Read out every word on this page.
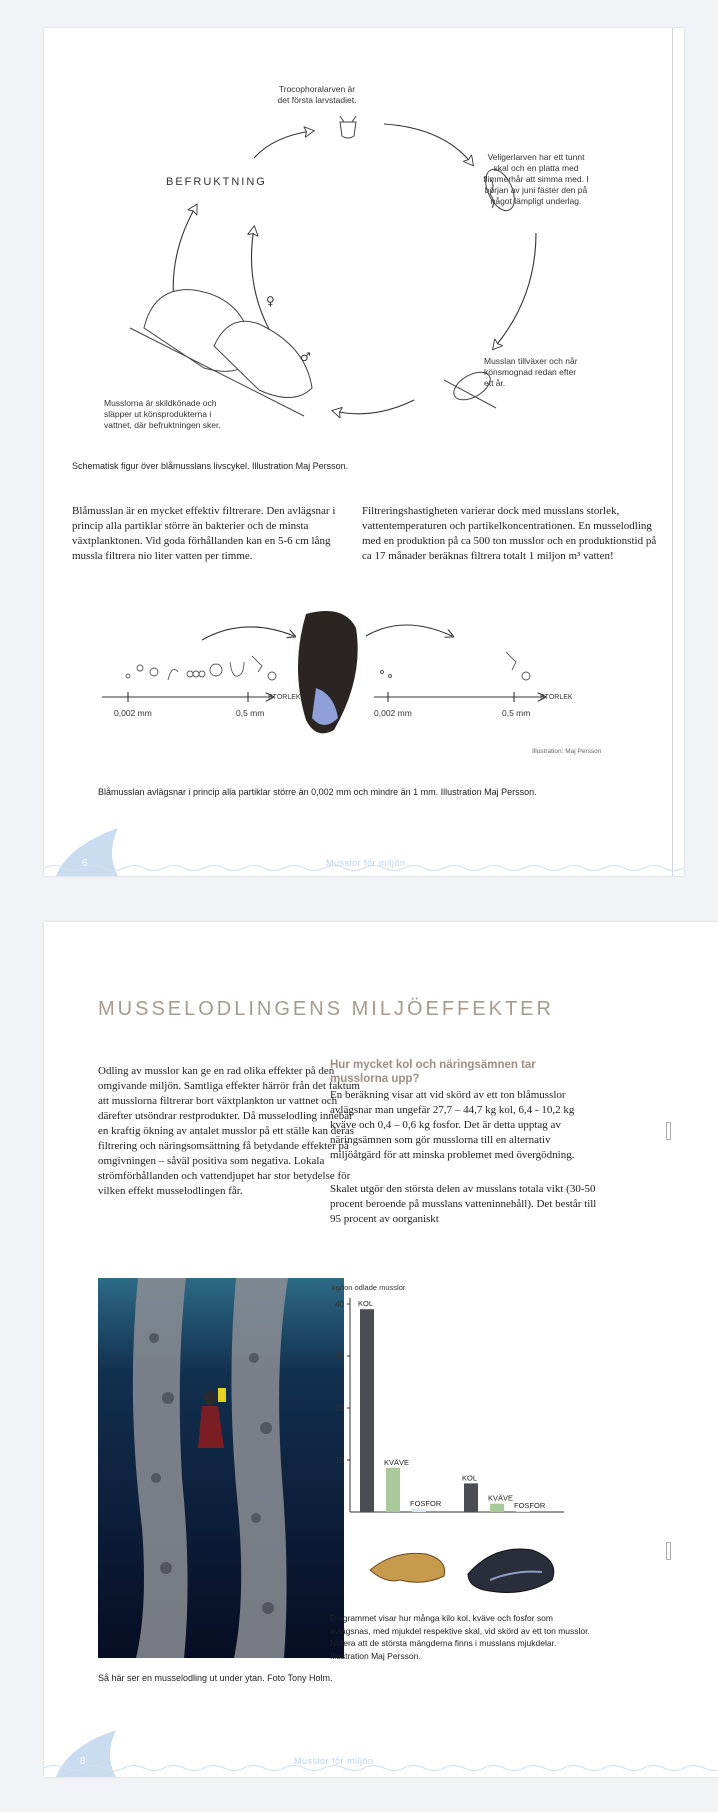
♀
♂
BEFRUKTNING
Trocophoralarven är det första larvstadiet.
Veligerlarven har ett tunnt skal och en platta med flimmerhår att simma med. I början av juni fäster den på något lämpligt underlag.
Musslan tillväxer och når könsmognad redan efter ett år.
Musslorna är skildkönade och släpper ut könsprodukterna i vattnet, där befruktningen sker.
Schematisk figur över blåmusslans livscykel. Illustration Maj Persson.
Blåmusslan är en mycket effektiv filtrerare. Den avlägsnar i princip alla partiklar större än bakterier och de minsta växtplanktonen. Vid goda förhållanden kan en 5-6 cm lång mussla filtrera nio liter vatten per timme.
Filtreringshastigheten varierar dock med musslans storlek, vattentemperaturen och partikelkoncentrationen. En musselodling med en produktion på ca 500 ton musslor och en produktionstid på ca 17 månader beräknas filtrera totalt 1 miljon m³ vatten!
0,002 mm	0,5 mm
STORLEK
0,002 mm	0,5 mm
STORLEK
Illustration: Maj Persson
Blåmusslan avlägsnar i princip alla partiklar större än 0,002 mm och mindre än 1 mm. Illustration Maj Persson.
6	Musslor för miljön
MUSSELODLINGENS MILJÖEFFEKTER
Odling av musslor kan ge en rad olika effekter på den omgivande miljön. Samtliga effekter härrör från det faktum att musslorna filtrerar bort växtplankton ur vattnet och därefter utsöndrar restprodukter. Då musselodling innebär en kraftig ökning av antalet musslor på ett ställe kan deras filtrering och näringsomsättning få betydande effekter på omgivningen – såväl positiva som negativa. Lokala strömförhållanden och vattendjupet har stor betydelse för vilken effekt musselodlingen får.
Hur mycket kol och näringsämnen tar musslorna upp?
En beräkning visar att vid skörd av ett ton blåmusslor avlägsnar man ungefär 27,7 – 44,7 kg kol, 6,4 - 10,2 kg kväve och 0,4 – 0,6 kg fosfor. Det är detta upptag av näringsämnen som gör musslorna till en alternativ miljöåtgärd för att minska problemet med övergödning.
Skalet utgör den största delen av musslans totala vikt (30-50 procent beroende på musslans vatteninnehåll). Det består till 95 procent av oorganiskt
Så här ser en musselodling ut under ytan. Foto Tony Holm.
kg/ton odlade musslor
10
20
30
40 KOL
KVÄVE
FOSFOR
KOL
KVÄVE
FOSFOR
Diagrammet visar hur många kilo kol, kväve och fosfor som avlägsnas, med mjukdel respektive skal, vid skörd av ett ton musslor. Notera att de största mängderna finns i musslans mjukdelar. Illustration Maj Persson.
8	Musslor för miljön
